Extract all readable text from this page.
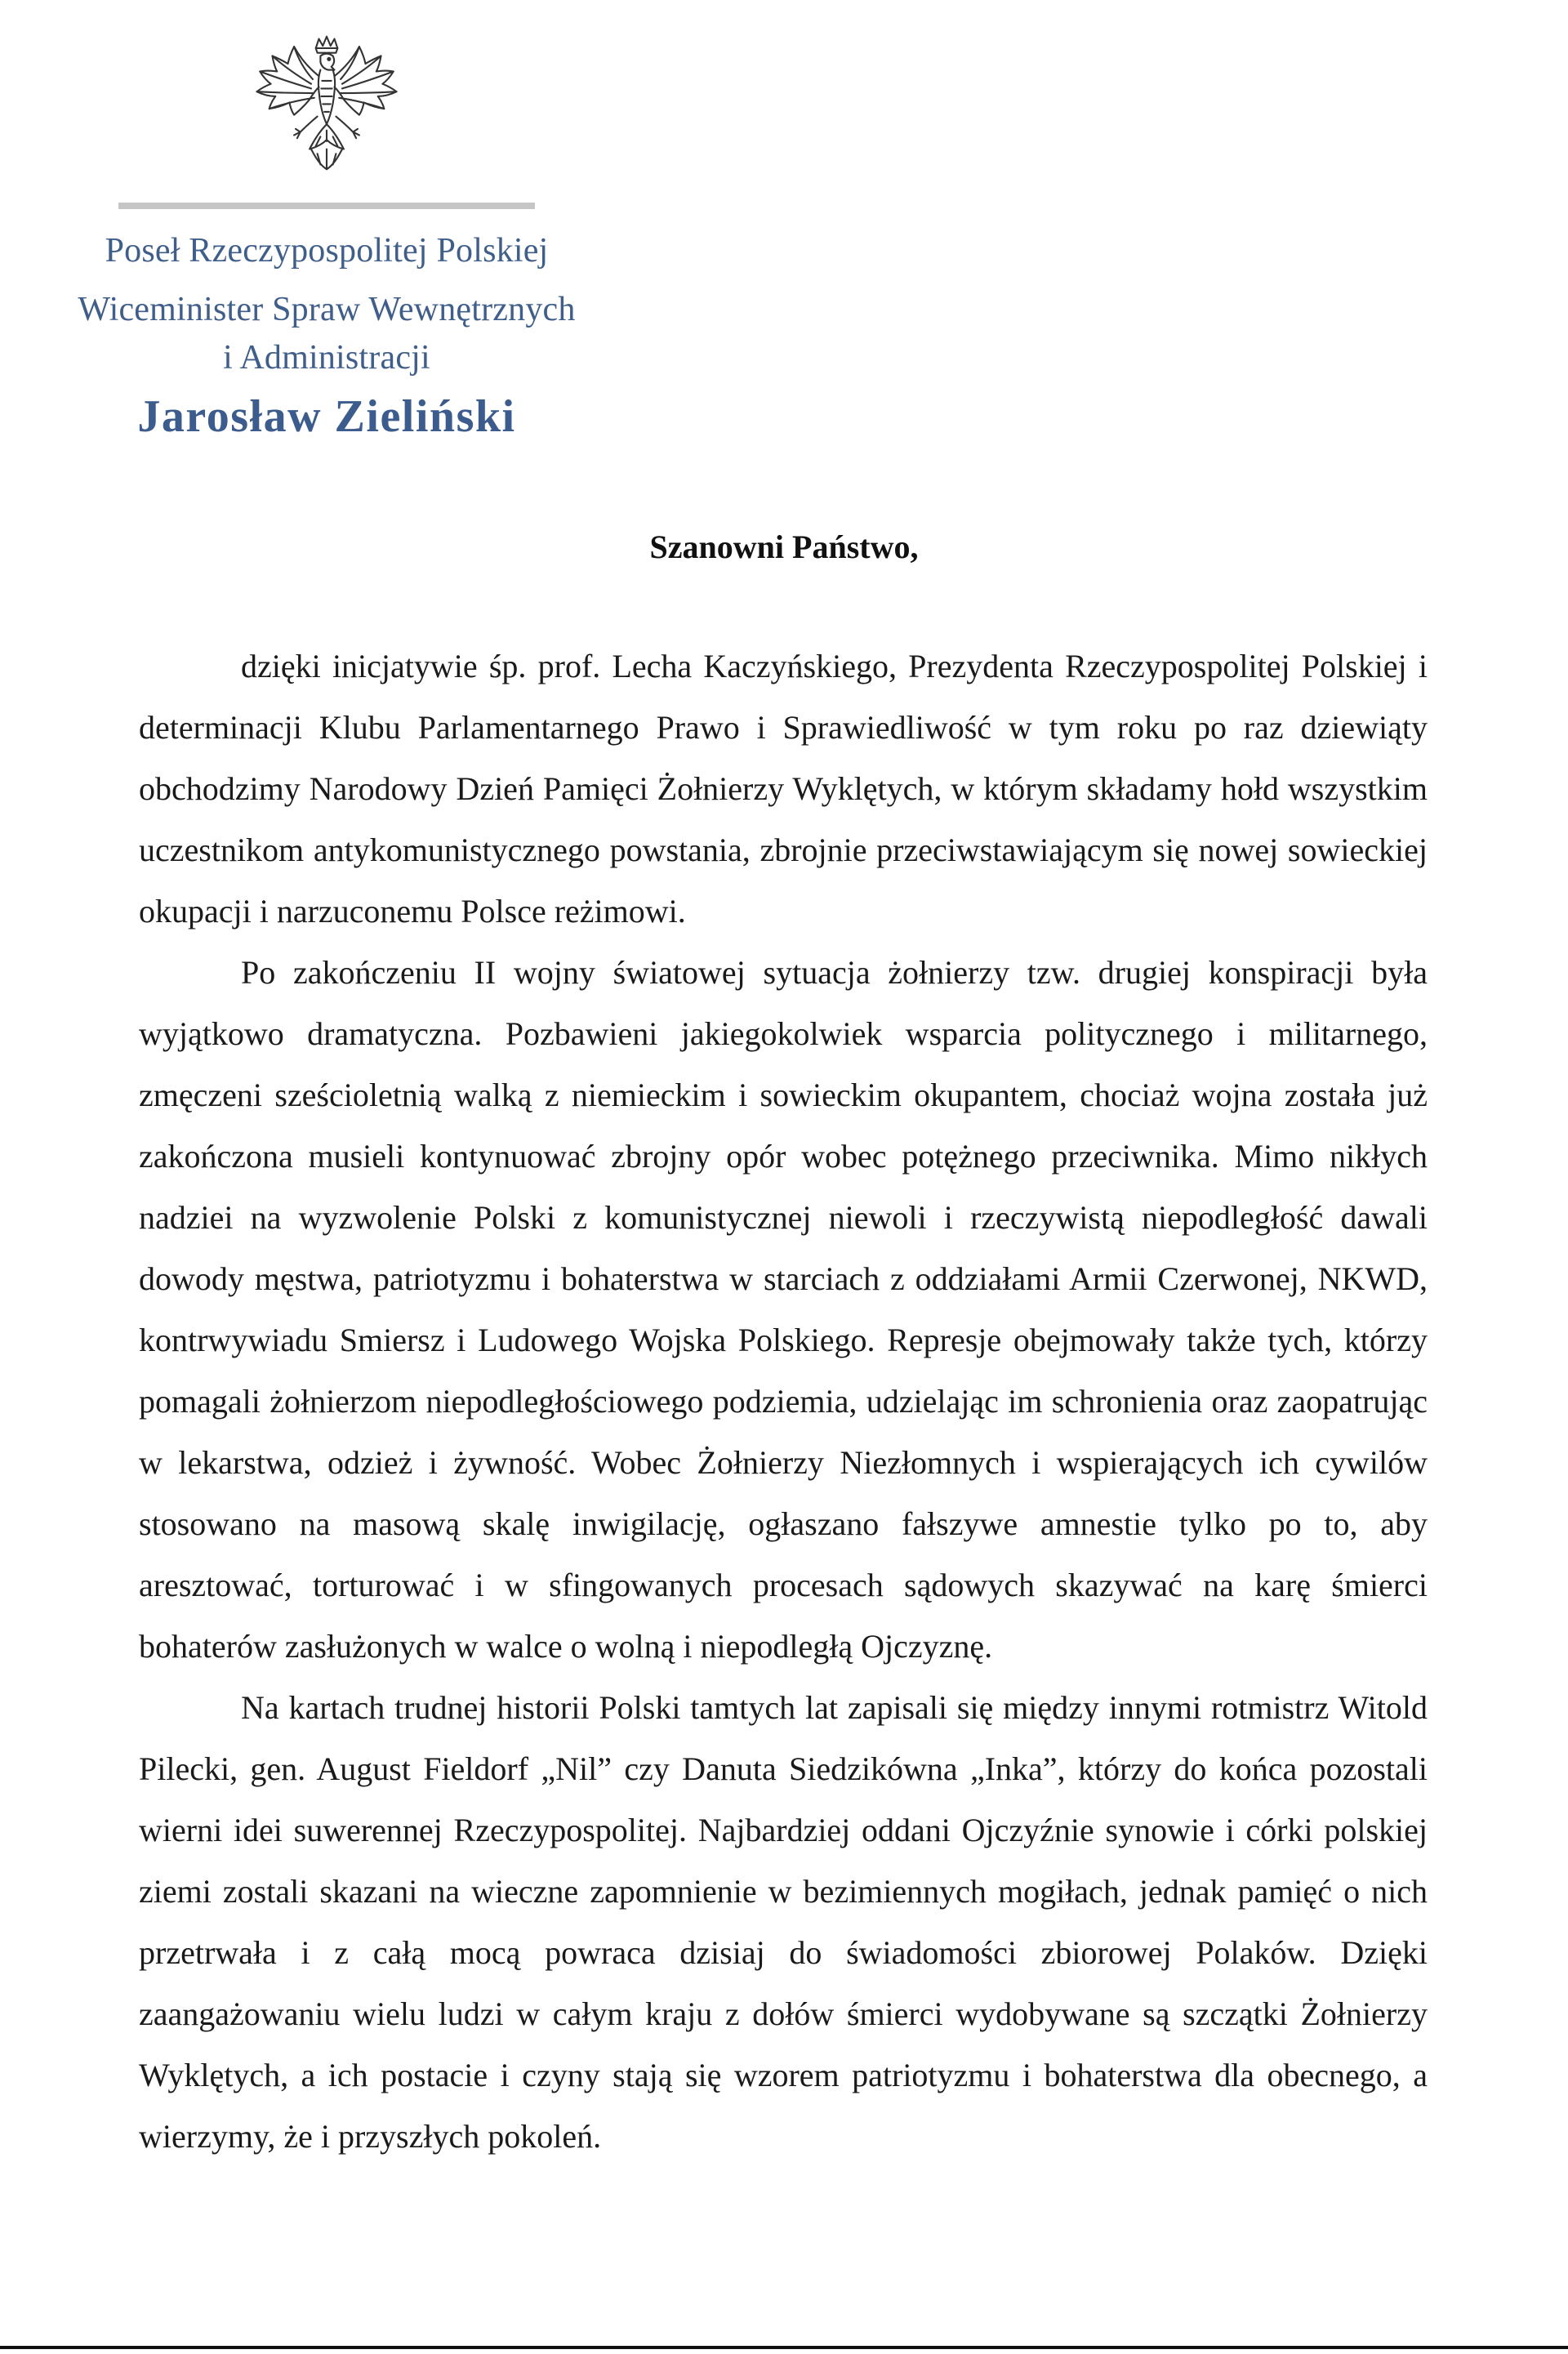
Poseł Rzeczypospolitej Polskiej
Wiceminister Spraw Wewnętrznych
i Administracji
Jarosław Zieliński
Szanowni Państwo,

dzięki inicjatywie śp. prof. Lecha Kaczyńskiego, Prezydenta Rzeczypospolitej Polskiej i determinacji Klubu Parlamentarnego Prawo i Sprawiedliwość w tym roku po raz dziewiąty obchodzimy Narodowy Dzień Pamięci Żołnierzy Wyklętych, w którym składamy hołd wszystkim uczestnikom antykomunistycznego powstania, zbrojnie przeciwstawiającym się nowej sowieckiej okupacji i narzuconemu Polsce reżimowi.

Po zakończeniu II wojny światowej sytuacja żołnierzy tzw. drugiej konspiracji była wyjątkowo dramatyczna. Pozbawieni jakiegokolwiek wsparcia politycznego i militarnego, zmęczeni sześcioletnią walką z niemieckim i sowieckim okupantem, chociaż wojna została już zakończona musieli kontynuować zbrojny opór wobec potężnego przeciwnika. Mimo nikłych nadziei na wyzwolenie Polski z komunistycznej niewoli i rzeczywistą niepodległość dawali dowody męstwa, patriotyzmu i bohaterstwa w starciach z oddziałami Armii Czerwonej, NKWD, kontrwywiadu Smiersz i Ludowego Wojska Polskiego. Represje obejmowały także tych, którzy pomagali żołnierzom niepodległościowego podziemia, udzielając im schronienia oraz zaopatrując w lekarstwa, odzież i żywność. Wobec Żołnierzy Niezłomnych i wspierających ich cywilów stosowano na masową skalę inwigilację, ogłaszano fałszywe amnestie tylko po to, aby aresztować, torturować i w sfingowanych procesach sądowych skazywać na karę śmierci bohaterów zasłużonych w walce o wolną i niepodległą Ojczyznę.

Na kartach trudnej historii Polski tamtych lat zapisali się między innymi rotmistrz Witold Pilecki, gen. August Fieldorf „Nil” czy Danuta Siedzikówna „Inka”, którzy do końca pozostali wierni idei suwerennej Rzeczypospolitej. Najbardziej oddani Ojczyźnie synowie i córki polskiej ziemi zostali skazani na wieczne zapomnienie w bezimiennych mogiłach, jednak pamięć o nich przetrwała i z całą mocą powraca dzisiaj do świadomości zbiorowej Polaków. Dzięki zaangażowaniu wielu ludzi w całym kraju z dołów śmierci wydobywane są szczątki Żołnierzy Wyklętych, a ich postacie i czyny stają się wzorem patriotyzmu i bohaterstwa dla obecnego, a wierzymy, że i przyszłych pokoleń.
